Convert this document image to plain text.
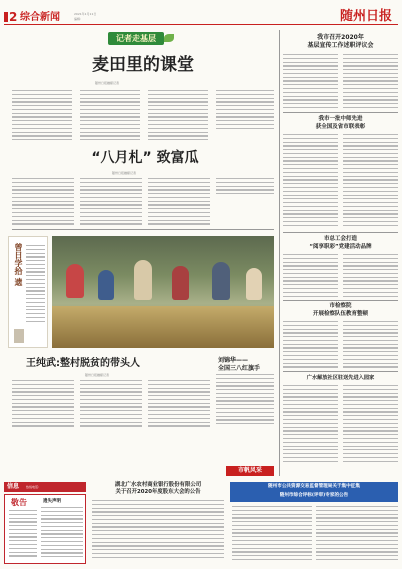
2 综合新闻	2021年1月11日
编辑：	随州日报
记者走基层
麦田里的课堂
随州日报融媒记者
“八月札” 致富瓜
随州日报融媒记者
曾日学拾 遗
王纯武:整村脱贫的带头人
随州日报融媒记者
刘锦华——
全国三八红旗手
我市召开2020年
基层宣传工作述职评议会
我市一批中师先进
获全国及省市联表彰
市总工会打造
“阅享职彩”党建活动品牌
市检察院
开展检察队伍教育整顿
广水解放社区驻送先进入园家
市帆风采
信息 热线电话：
敬告	遗失声明
湖北广水农村商业银行股份有限公司
关于召开2020年度股东大会的公告
随州市公共资源交易监督管理局关于集中征集
随州市综合评标(评审)专家的公告
